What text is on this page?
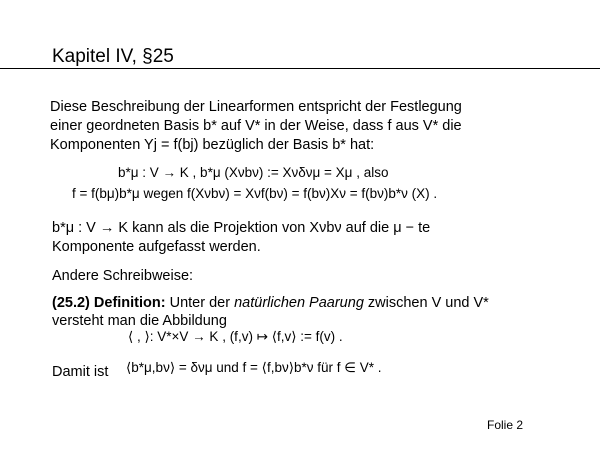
Kapitel IV, §25

Diese Beschreibung der Linearformen entspricht der Festlegung

einer geordneten Basis b* auf V* in der Weise, dass f aus V* die

Komponenten Yj = f(bj) bezüglich der Basis b* hat:

b*μ : V → K , b*μ (Xνbν) := Xνδνμ = Xμ , also
f = f(bμ)b*μ wegen f(Xνbν) = Xνf(bν) = f(bν)Xν = f(bν)b*ν (X) .
b*μ : V → K kann als die Projektion von Xνbν auf die μ − te
Komponente aufgefasst werden.
Andere Schreibweise:
(25.2) Definition: Unter der natürlichen Paarung zwischen V und V*
versteht man die Abbildung
⟨ , ⟩: V*×V → K , (f,v) ↦ ⟨f,v⟩ := f(v) .
Damit ist ⟨b*μ,bν⟩ = δνμ und f = ⟨f,bν⟩b*ν für f ∈ V* .
Folie 2
